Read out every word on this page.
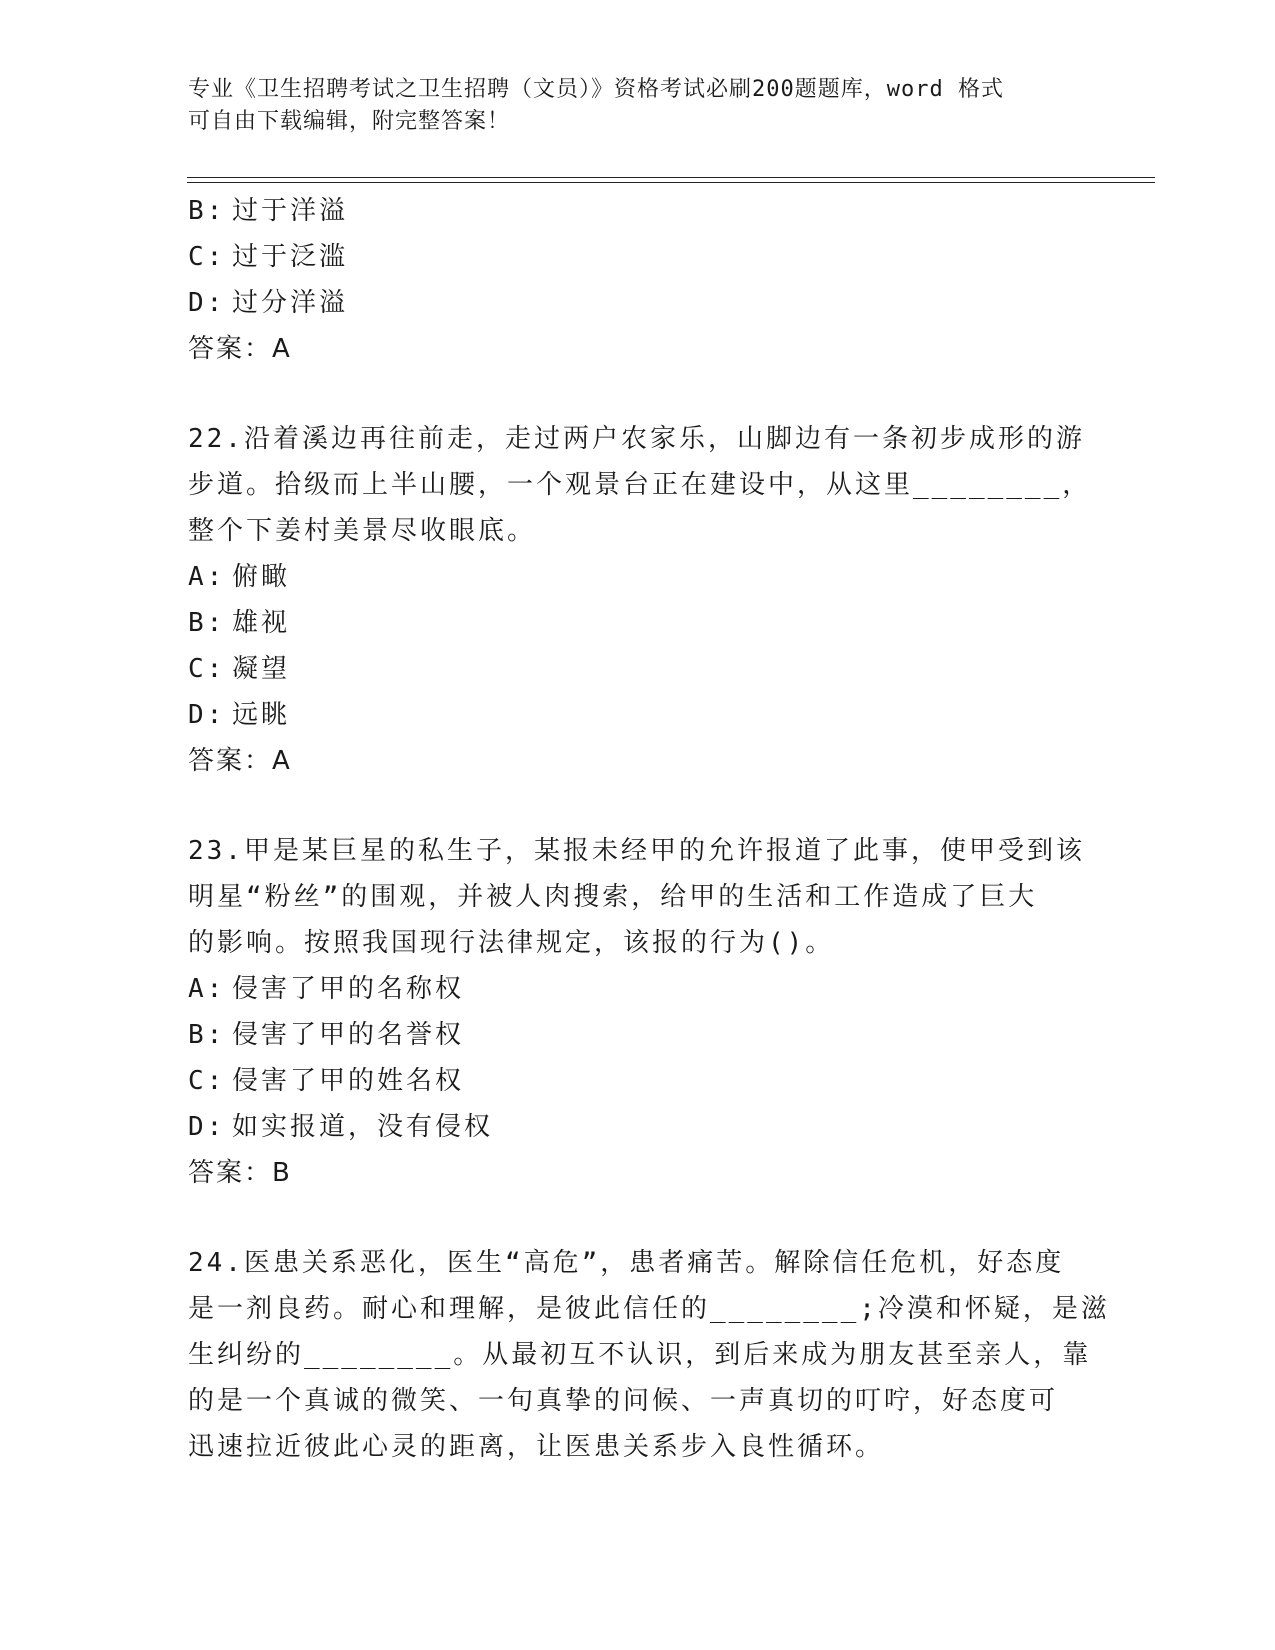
专业《卫生招聘考试之卫生招聘（文员）》资格考试必刷200题题库，word 格式
可自由下载编辑，附完整答案！
B: 过于洋溢
C: 过于泛滥
D: 过分洋溢
答案：A
22.沿着溪边再往前走，走过两户农家乐，山脚边有一条初步成形的游
步道。拾级而上半山腰，一个观景台正在建设中，从这里________，
整个下姜村美景尽收眼底。
A: 俯瞰
B: 雄视
C: 凝望
D: 远眺
答案：A
23.甲是某巨星的私生子，某报未经甲的允许报道了此事，使甲受到该
明星“粉丝”的围观，并被人肉搜索，给甲的生活和工作造成了巨大
的影响。按照我国现行法律规定，该报的行为()。
A: 侵害了甲的名称权
B: 侵害了甲的名誉权
C: 侵害了甲的姓名权
D: 如实报道，没有侵权
答案：B
24.医患关系恶化，医生“高危”，患者痛苦。解除信任危机，好态度
是一剂良药。耐心和理解，是彼此信任的________;冷漠和怀疑，是滋
生纠纷的________。从最初互不认识，到后来成为朋友甚至亲人，靠
的是一个真诚的微笑、一句真挚的问候、一声真切的叮咛，好态度可
迅速拉近彼此心灵的距离，让医患关系步入良性循环。
